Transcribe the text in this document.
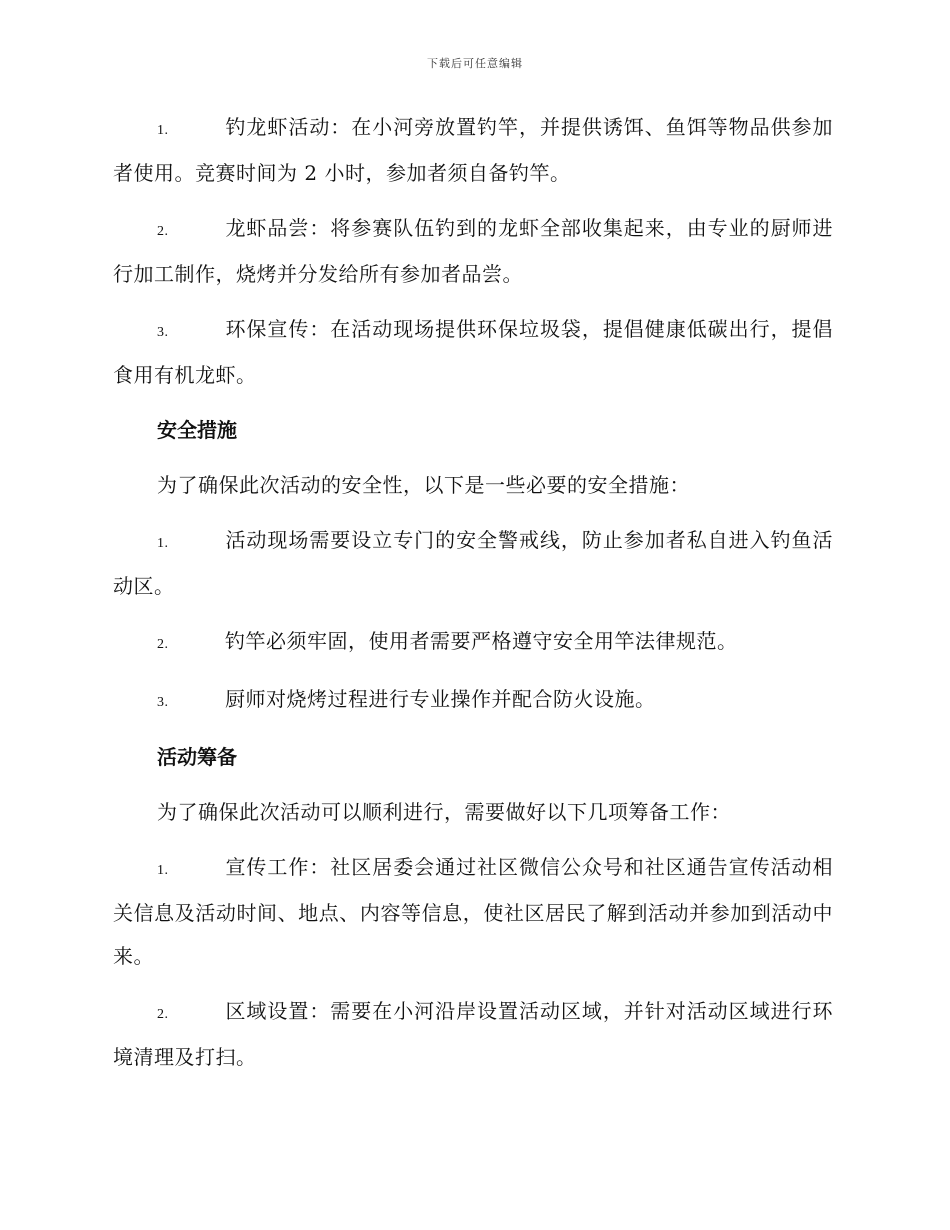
下载后可任意编辑

1.	钓龙虾活动：在小河旁放置钓竿，并提供诱饵、鱼饵等物品供参加者使用。竞赛时间为 2 小时，参加者须自备钓竿。

2.	龙虾品尝：将参赛队伍钓到的龙虾全部收集起来，由专业的厨师进行加工制作，烧烤并分发给所有参加者品尝。

3.	环保宣传：在活动现场提供环保垃圾袋，提倡健康低碳出行，提倡食用有机龙虾。

安全措施

为了确保此次活动的安全性，以下是一些必要的安全措施：

1.	活动现场需要设立专门的安全警戒线，防止参加者私自进入钓鱼活动区。

2.	钓竿必须牢固，使用者需要严格遵守安全用竿法律规范。

3.	厨师对烧烤过程进行专业操作并配合防火设施。

活动筹备

为了确保此次活动可以顺利进行，需要做好以下几项筹备工作：

1.	宣传工作：社区居委会通过社区微信公众号和社区通告宣传活动相关信息及活动时间、地点、内容等信息，使社区居民了解到活动并参加到活动中来。

2.	区域设置：需要在小河沿岸设置活动区域，并针对活动区域进行环境清理及打扫。
